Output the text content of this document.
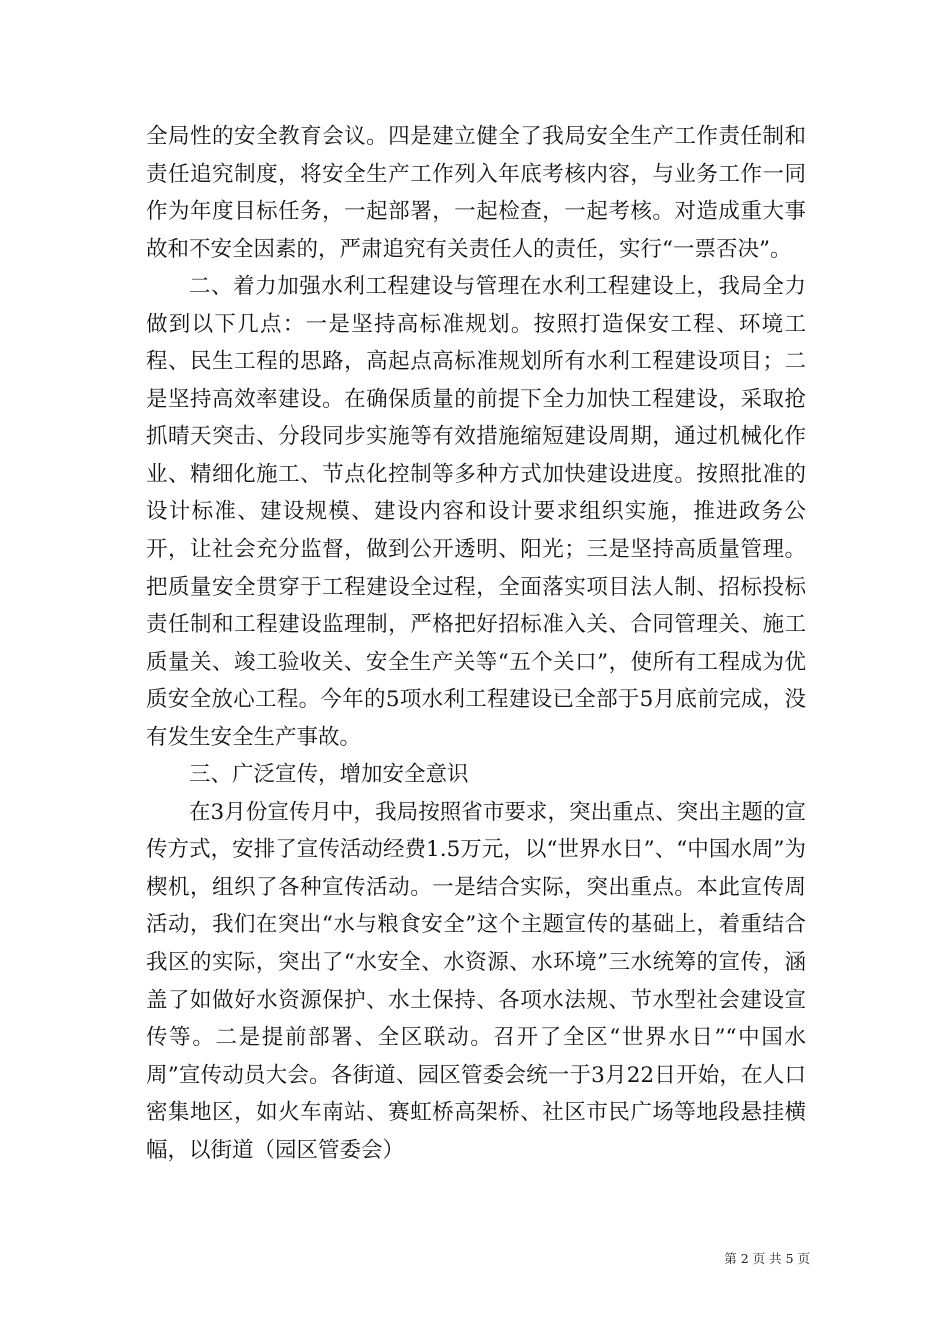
全局性的安全教育会议。四是建立健全了我局安全生产工作责任制和责任追究制度，将安全生产工作列入年底考核内容，与业务工作一同作为年度目标任务，一起部署，一起检查，一起考核。对造成重大事故和不安全因素的，严肃追究有关责任人的责任，实行“一票否决”。

二、着力加强水利工程建设与管理在水利工程建设上，我局全力做到以下几点：一是坚持高标准规划。按照打造保安工程、环境工程、民生工程的思路，高起点高标准规划所有水利工程建设项目；二是坚持高效率建设。在确保质量的前提下全力加快工程建设，采取抢抓晴天突击、分段同步实施等有效措施缩短建设周期，通过机械化作业、精细化施工、节点化控制等多种方式加快建设进度。按照批准的设计标准、建设规模、建设内容和设计要求组织实施，推进政务公开，让社会充分监督，做到公开透明、阳光；三是坚持高质量管理。把质量安全贯穿于工程建设全过程，全面落实项目法人制、招标投标责任制和工程建设监理制，严格把好招标准入关、合同管理关、施工质量关、竣工验收关、安全生产关等“五个关口”，使所有工程成为优质安全放心工程。今年的5项水利工程建设已全部于5月底前完成，没有发生安全生产事故。

三、广泛宣传，增加安全意识

在3月份宣传月中，我局按照省市要求，突出重点、突出主题的宣传方式，安排了宣传活动经费1.5万元，以“世界水日”、“中国水周”为楔机，组织了各种宣传活动。一是结合实际，突出重点。本此宣传周活动，我们在突出“水与粮食安全”这个主题宣传的基础上，着重结合我区的实际，突出了“水安全、水资源、水环境”三水统筹的宣传，涵盖了如做好水资源保护、水土保持、各项水法规、节水型社会建设宣传等。二是提前部署、全区联动。召开了全区“世界水日”“中国水周”宣传动员大会。各街道、园区管委会统一于3月22日开始，在人口密集地区，如火车南站、赛虹桥高架桥、社区市民广场等地段悬挂横幅，以街道（园区管委会）

第 2 页 共 5 页
